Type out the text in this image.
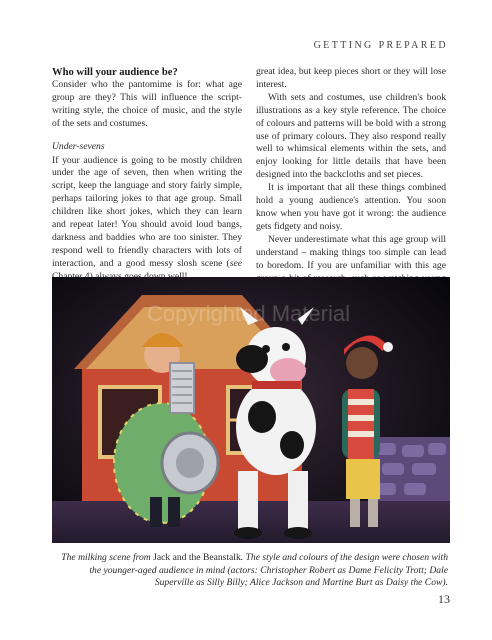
GETTING PREPARED

Who will your audience be?

Consider who the pantomime is for: what age group are they? This will influence the script-writing style, the choice of music, and the style of the sets and costumes.

Under-sevens

If your audience is going to be mostly children under the age of seven, then when writing the script, keep the language and story fairly simple, perhaps tailoring jokes to that age group. Small children like short jokes, which they can learn and repeat later! You should avoid loud bangs, darkness and baddies who are too sinister. They respond well to friendly characters with lots of interaction, and a good messy slosh scene (see

great idea, but keep pieces short or they will lose interest.

With sets and costumes, use children's book illustrations as a key style reference. The choice of colours and patterns will be bold with a strong use of primary colours. They also respond really well to whimsical elements within the sets, and enjoy looking for little details that have been designed into the backcloths and set pieces.

It is important that all these things combined hold a young audience's attention. You soon know when you have got it wrong: the audience gets fidgety and noisy.

Never underestimate what this age group will understand – making things too simple can lead to boredom. If you are unfamiliar with this age

Copyrighted Material
The milking scene from Jack and the Beanstalk. The style and colours of the design were chosen with the younger-aged audience in mind (actors: Christopher Robert as Dame Felicity Trott; Dale Superville as Silly Billy; Alice Jackson and Martine Burt as Daisy the Cow).
13
